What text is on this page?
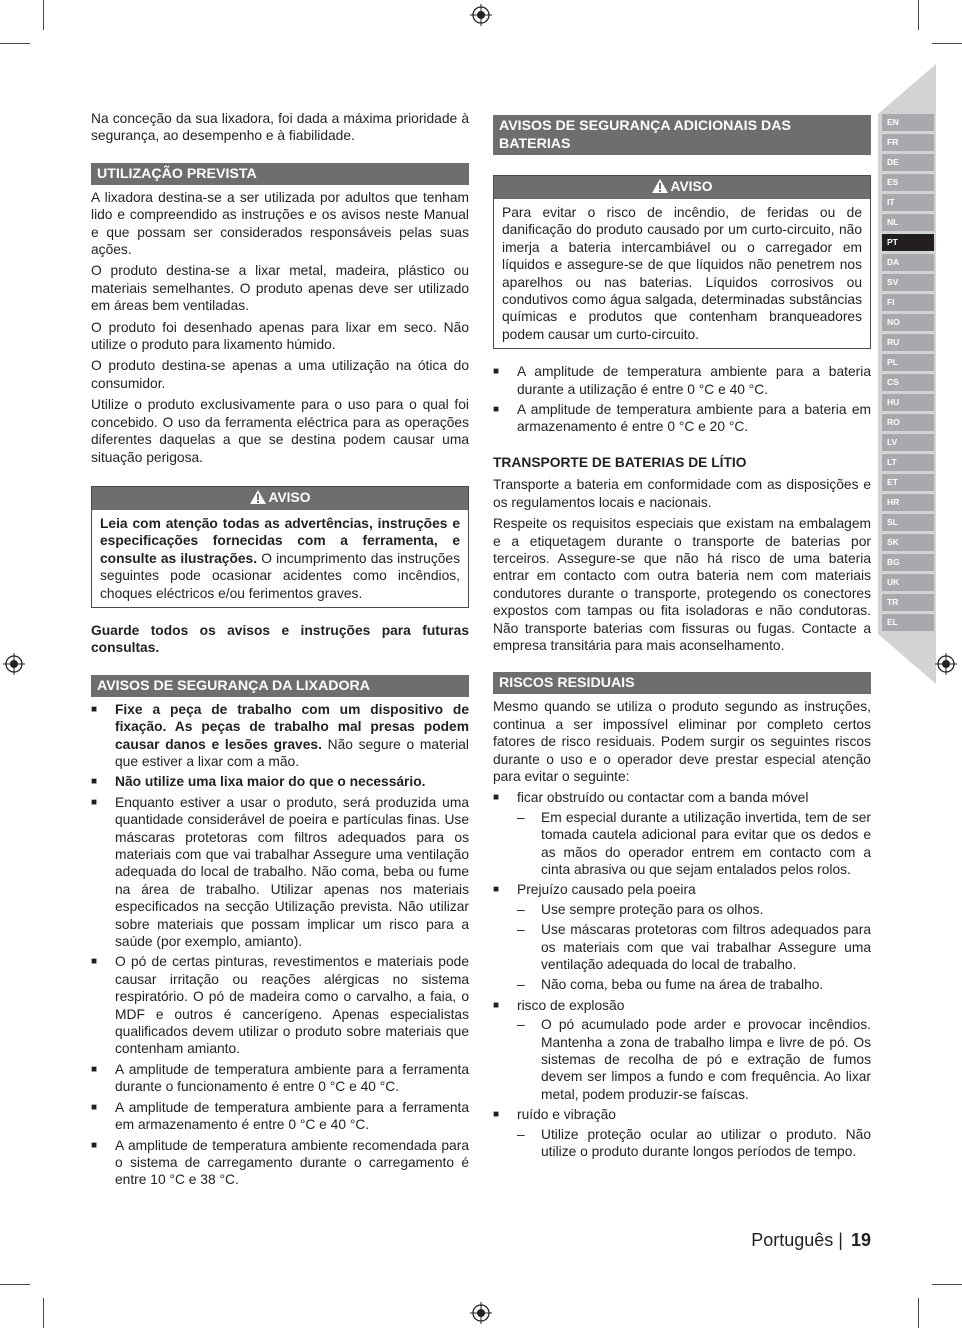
EN
FR
DE
ES
IT
NL
PT
DA
SV
FI
NO
RU
PL
CS
HU
RO
LV
LT
ET
HR
SL
SK
BG
UK
TR
EL

Na conceção da sua lixadora, foi dada a máxima prioridade à segurança, ao desempenho e à fiabilidade.

UTILIZAÇÃO PREVISTA

A lixadora destina-se a ser utilizada por adultos que tenham lido e compreendido as instruções e os avisos neste Manual e que possam ser considerados responsáveis pelas suas ações.

O produto destina-se a lixar metal, madeira, plástico ou materiais semelhantes. O produto apenas deve ser utilizado em áreas bem ventiladas.

O produto foi desenhado apenas para lixar em seco. Não utilize o produto para lixamento húmido.

O produto destina-se apenas a uma utilização na ótica do consumidor.

Utilize o produto exclusivamente para o uso para o qual foi concebido. O uso da ferramenta eléctrica para as operações diferentes daquelas a que se destina podem causar uma situação perigosa.

AVISO

Leia com atenção todas as advertências, instruções e especificações fornecidas com a ferramenta, e consulte as ilustrações. O incumprimento das instruções seguintes pode ocasionar acidentes como incêndios, choques eléctricos e/ou ferimentos graves.

Guarde todos os avisos e instruções para futuras consultas.

AVISOS DE SEGURANÇA DA LIXADORA
■ Fixe a peça de trabalho com um dispositivo de fixação. As peças de trabalho mal presas podem causar danos e lesões graves. Não segure o material que estiver a lixar com a mão.
■ Não utilize uma lixa maior do que o necessário.
■ Enquanto estiver a usar o produto, será produzida uma quantidade considerável de poeira e partículas finas. Use máscaras protetoras com filtros adequados para os materiais com que vai trabalhar Assegure uma ventilação adequada do local de trabalho. Não coma, beba ou fume na área de trabalho. Utilizar apenas nos materiais especificados na secção Utilização prevista. Não utilizar sobre materiais que possam implicar um risco para a saúde (por exemplo, amianto).
■ O pó de certas pinturas, revestimentos e materiais pode causar irritação ou reações alérgicas no sistema respiratório. O pó de madeira como o carvalho, a faia, o MDF e outros é cancerígeno. Apenas especialistas qualificados devem utilizar o produto sobre materiais que contenham amianto.
■ A amplitude de temperatura ambiente para a ferramenta durante o funcionamento é entre 0 °C e 40 °C.
■ A amplitude de temperatura ambiente para a ferramenta em armazenamento é entre 0 °C e 40 °C.
■ A amplitude de temperatura ambiente recomendada para o sistema de carregamento durante o carregamento é entre 10 °C e 38 °C.
AVISOS DE SEGURANÇA ADICIONAIS DAS BATERIAS
AVISO

Para evitar o risco de incêndio, de feridas ou de danificação do produto causado por um curto-circuito, não imerja a bateria intercambiável ou o carregador em líquidos e assegure-se de que líquidos não penetrem nos aparelhos ou nas baterias. Líquidos corrosivos ou condutivos como água salgada, determinadas substâncias químicas e produtos que contenham branqueadores podem causar um curto-circuito.

■ A amplitude de temperatura ambiente para a bateria durante a utilização é entre 0 °C e 40 °C.
■ A amplitude de temperatura ambiente para a bateria em armazenamento é entre 0 °C e 20 °C.
TRANSPORTE DE BATERIAS DE LÍTIO

Transporte a bateria em conformidade com as disposições e os regulamentos locais e nacionais.

Respeite os requisitos especiais que existam na embalagem e a etiquetagem durante o transporte de baterias por terceiros. Assegure-se que não há risco de uma bateria entrar em contacto com outra bateria nem com materiais condutores durante o transporte, protegendo os conectores expostos com tampas ou fita isoladoras e não condutoras. Não transporte baterias com fissuras ou fugas. Contacte a empresa transitária para mais aconselhamento.

RISCOS RESIDUAIS

Mesmo quando se utiliza o produto segundo as instruções, continua a ser impossível eliminar por completo certos fatores de risco residuais. Podem surgir os seguintes riscos durante o uso e o operador deve prestar especial atenção para evitar o seguinte:

■ ficar obstruído ou contactar com a banda móvel
– Em especial durante a utilização invertida, tem de ser tomada cautela adicional para evitar que os dedos e as mãos do operador entrem em contacto com a cinta abrasiva ou que sejam entalados pelos rolos.
■ Prejuízo causado pela poeira
– Use sempre proteção para os olhos.
– Use máscaras protetoras com filtros adequados para os materiais com que vai trabalhar Assegure uma ventilação adequada do local de trabalho.
– Não coma, beba ou fume na área de trabalho.
■ risco de explosão
– O pó acumulado pode arder e provocar incêndios. Mantenha a zona de trabalho limpa e livre de pó. Os sistemas de recolha de pó e extração de fumos devem ser limpos a fundo e com frequência. Ao lixar metal, podem produzir-se faíscas.
■ ruído e vibração
– Utilize proteção ocular ao utilizar o produto. Não utilize o produto durante longos períodos de tempo.
Português | 19
